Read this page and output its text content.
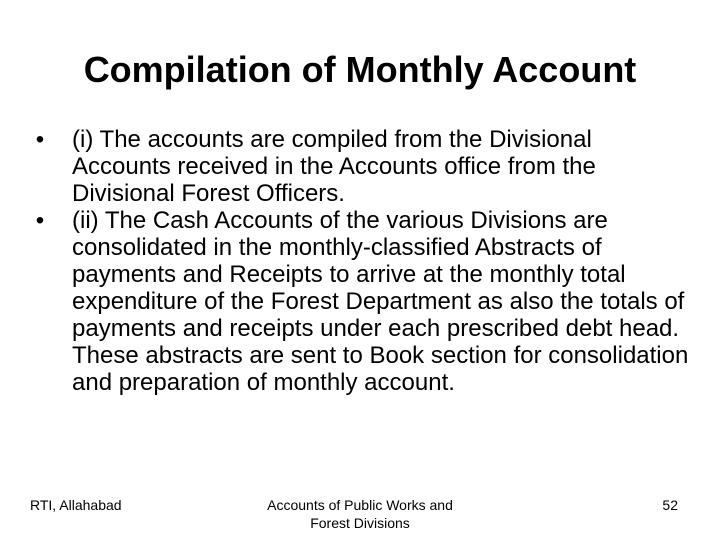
Compilation of Monthly Account
• (i) The accounts are compiled from the Divisional Accounts received in the Accounts office from the Divisional Forest Officers.
• (ii) The Cash Accounts of the various Divisions are consolidated in the monthly-classified Abstracts of payments and Receipts to arrive at the monthly total expenditure of the Forest Department as also the totals of payments and receipts under each prescribed debt head. These abstracts are sent to Book section for consolidation and preparation of monthly account.
RTI, Allahabad	Accounts of Public Works and Forest Divisions
52
